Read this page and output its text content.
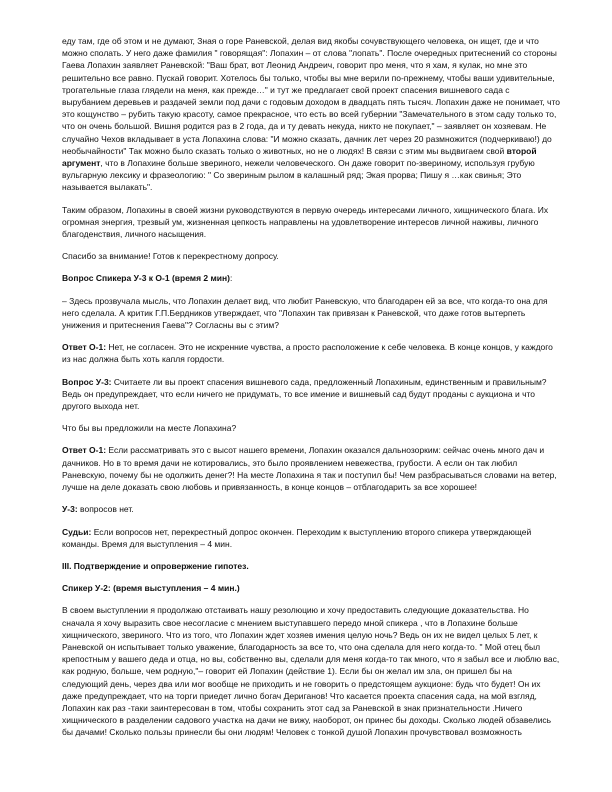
еду там, где об этом и не думают, Зная о горе Раневской, делая вид якобы сочувствующего человека, он ищет, где и что можно сполать. У него даже фамилия " говорящая": Лопахин – от слова "лопать". После очередных притеснений со стороны Гаева Лопахин заявляет Раневской: "Ваш брат, вот Леонид Андреич, говорит про меня, что я хам, я кулак, но мне это решительно все равно. Пускай говорит. Хотелось бы только, чтобы вы мне верили по-прежнему, чтобы ваши удивительные, трогательные глаза глядели на меня, как прежде…" и тут же предлагает свой проект спасения вишневого сада с вырубанием деревьев и раздачей земли под дачи с годовым доходом в двадцать пять тысяч. Лопахин даже не понимает, что это кощунство – рубить такую красоту, самое прекрасное, что есть во всей губернии "Замечательного в этом саду только то, что он очень большой. Вишня родится раз в 2 года, да и ту девать некуда, никто не покупает," – заявляет он хозяевам. Не случайно Чехов вкладывает в уста Лопахина слова: "И можно сказать, дачник лет через 20 размножится (подчеркиваю!) до необычайности" Так можно было сказать только о животных, но не о людях! В связи с этим мы выдвигаем свой второй аргумент, что в Лопахине больше звериного, нежели человеческого. Он даже говорит по-звериному, используя грубую вульгарную лексику и фразеологию: " Со звериным рылом в калашный ряд; Экая прорва; Пишу я …как свинья; Это называется вылакать".

Таким образом, Лопахины в своей жизни руководствуются в первую очередь интересами личного, хищнического блага. Их огромная энергия, трезвый ум, жизненная цепкость направлены на удовлетворение интересов личной наживы, личного благоденствия, личного насыщения.

Спасибо за внимание! Готов к перекрестному допросу.

Вопрос Спикера У-3 к О-1 (время 2 мин):

– Здесь прозвучала мысль, что Лопахин делает вид, что любит Раневскую, что благодарен ей за все, что когда-то она для него сделала. А критик Г.П.Бердников утверждает, что "Лопахин так привязан к Раневской, что даже готов вытерпеть унижения и притеснения Гаева"? Согласны вы с этим?

Ответ О-1: Нет, не согласен. Это не искренние чувства, а просто расположение к себе человека. В конце концов, у каждого из нас должна быть хоть капля гордости.

Вопрос У-3: Считаете ли вы проект спасения вишневого сада, предложенный Лопахиным, единственным и правильным? Ведь он предупреждает, что если ничего не придумать, то все имение и вишневый сад будут проданы с аукциона и что другого выхода нет.

Что бы вы предложили на месте Лопахина?

Ответ О-1: Если рассматривать это с высот нашего времени, Лопахин оказался дальнозорким: сейчас очень много дач и дачников. Но в то время дачи не котировались, это было проявлением невежества, грубости. А если он так любил Раневскую, почему бы не одолжить денег?! На месте Лопахина я так и поступил бы! Чем разбрасываться словами на ветер, лучше на деле доказать свою любовь и привязанность, в конце концов – отблагодарить за все хорошее!

У-3: вопросов нет.

Судьи: Если вопросов нет, перекрестный допрос окончен. Переходим к выступлению второго спикера утверждающей команды. Время для выступления – 4 мин.

III. Подтверждение и опровержение гипотез.

Спикер У-2: (время выступления – 4 мин.)

В своем выступлении я продолжаю отстаивать нашу резолюцию и хочу предоставить следующие доказательства. Но сначала я хочу выразить свое несогласие с мнением выступавшего передо мной спикера , что в Лопахине больше хищнического, звериного. Что из того, что Лопахин ждет хозяев имения целую ночь? Ведь он их не видел целых 5 лет, к Раневской он испытывает только уважение, благодарность за все то, что она сделала для него когда-то. " Мой отец был крепостным у вашего деда и отца, но вы, собственно вы, сделали для меня когда-то так много, что я забыл все и люблю вас, как родную, больше, чем родную,"– говорит ей Лопахин (действие 1). Если бы он желал им зла, он пришел бы на следующий день, через два или мог вообще не приходить и не говорить о предстоящем аукционе: будь что будет! Он их даже предупреждает, что на торги приедет лично богач Дериганов! Что касается проекта спасения сада, на мой взгляд, Лопахин как раз -таки заинтересован в том, чтобы сохранить этот сад за Раневской в знак признательности .Ничего хищнического в разделении садового участка на дачи не вижу, наоборот, он принес бы доходы. Сколько людей обзавелись бы дачами! Сколько пользы принесли бы они людям! Человек с тонкой душой Лопахин прочувствовал возможность
